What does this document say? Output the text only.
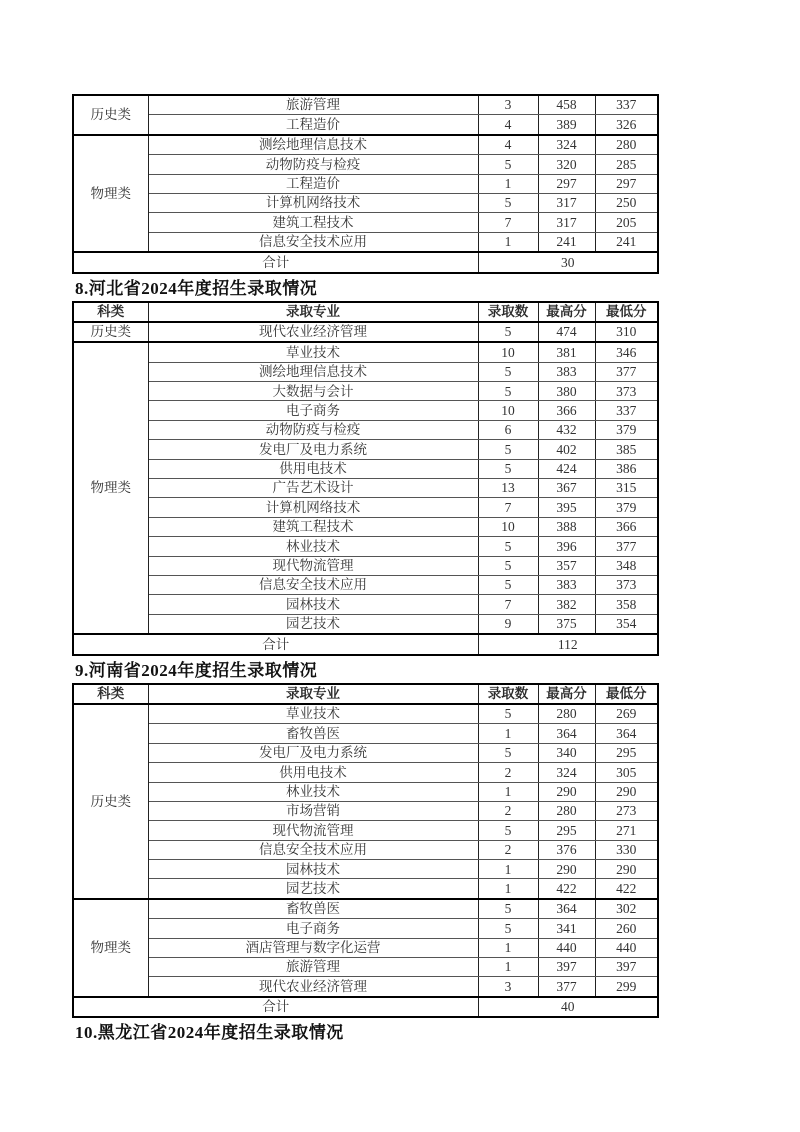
历史类	旅游管理	3	458	337
	工程造价	4	389	326
物理类	测绘地理信息技术	4	324	280
	动物防疫与检疫	5	320	285
	工程造价	1	297	297
	计算机网络技术	5	317	250
	建筑工程技术	7	317	205
	信息安全技术应用	1	241	241
合计		30		
8.河北省2024年度招生录取情况
科类	录取专业	录取数	最高分	最低分
历史类	现代农业经济管理	5	474	310
物理类	草业技术	10	381	346
	测绘地理信息技术	5	383	377
	大数据与会计	5	380	373
	电子商务	10	366	337
	动物防疫与检疫	6	432	379
	发电厂及电力系统	5	402	385
	供用电技术	5	424	386
	广告艺术设计	13	367	315
	计算机网络技术	7	395	379
	建筑工程技术	10	388	366
	林业技术	5	396	377
	现代物流管理	5	357	348
	信息安全技术应用	5	383	373
	园林技术	7	382	358
	园艺技术	9	375	354
合计		112		
9.河南省2024年度招生录取情况
科类	录取专业	录取数	最高分	最低分
历史类	草业技术	5	280	269
	畜牧兽医	1	364	364
	发电厂及电力系统	5	340	295
	供用电技术	2	324	305
	林业技术	1	290	290
	市场营销	2	280	273
	现代物流管理	5	295	271
	信息安全技术应用	2	376	330
	园林技术	1	290	290
	园艺技术	1	422	422
物理类	畜牧兽医	5	364	302
	电子商务	5	341	260
	酒店管理与数字化运营	1	440	440
	旅游管理	1	397	397
	现代农业经济管理	3	377	299
合计		40		
10.黑龙江省2024年度招生录取情况
